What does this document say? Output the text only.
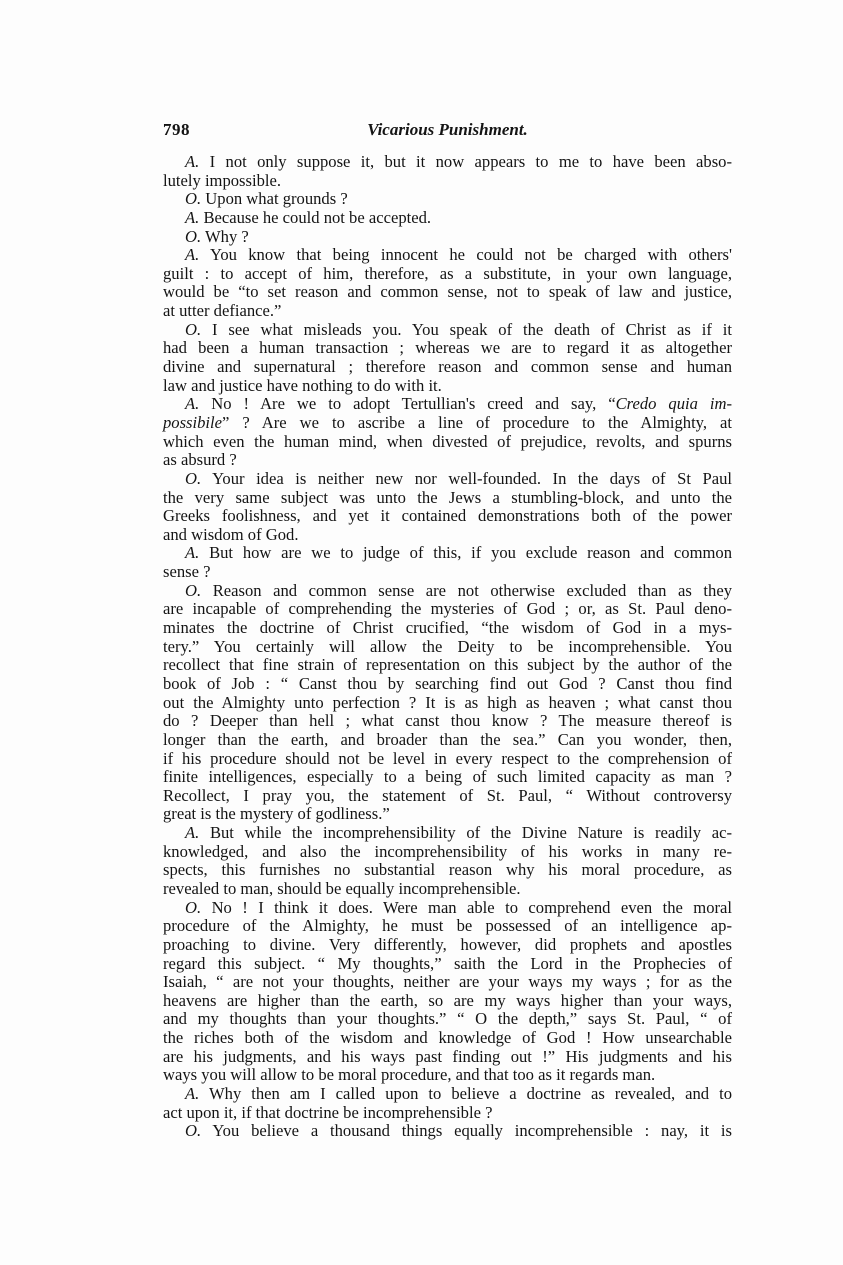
798	Vicarious Punishment.
A. I not only suppose it, but it now appears to me to have been abso-
lutely impossible.
O. Upon what grounds ?
A. Because he could not be accepted.
O. Why ?
A. You know that being innocent he could not be charged with others'
guilt : to accept of him, therefore, as a substitute, in your own language,
would be “to set reason and common sense, not to speak of law and justice,
at utter defiance.”
O. I see what misleads you. You speak of the death of Christ as if it
had been a human transaction ; whereas we are to regard it as altogether
divine and supernatural ; therefore reason and common sense and human
law and justice have nothing to do with it.
A. No ! Are we to adopt Tertullian's creed and say, “Credo quia im-
possibile” ? Are we to ascribe a line of procedure to the Almighty, at
which even the human mind, when divested of prejudice, revolts, and spurns
as absurd ?
O. Your idea is neither new nor well-founded. In the days of St Paul
the very same subject was unto the Jews a stumbling-block, and unto the
Greeks foolishness, and yet it contained demonstrations both of the power
and wisdom of God.
A. But how are we to judge of this, if you exclude reason and common
sense ?
O. Reason and common sense are not otherwise excluded than as they
are incapable of comprehending the mysteries of God ; or, as St. Paul deno-
minates the doctrine of Christ crucified, “the wisdom of God in a mys-
tery.” You certainly will allow the Deity to be incomprehensible. You
recollect that fine strain of representation on this subject by the author of the
book of Job : “ Canst thou by searching find out God ? Canst thou find
out the Almighty unto perfection ? It is as high as heaven ; what canst thou
do ? Deeper than hell ; what canst thou know ? The measure thereof is
longer than the earth, and broader than the sea.” Can you wonder, then,
if his procedure should not be level in every respect to the comprehension of
finite intelligences, especially to a being of such limited capacity as man ?
Recollect, I pray you, the statement of St. Paul, “ Without controversy
great is the mystery of godliness.”
A. But while the incomprehensibility of the Divine Nature is readily ac-
knowledged, and also the incomprehensibility of his works in many re-
spects, this furnishes no substantial reason why his moral procedure, as
revealed to man, should be equally incomprehensible.
O. No ! I think it does. Were man able to comprehend even the moral
procedure of the Almighty, he must be possessed of an intelligence ap-
proaching to divine. Very differently, however, did prophets and apostles
regard this subject. “ My thoughts,” saith the Lord in the Prophecies of
Isaiah, “ are not your thoughts, neither are your ways my ways ; for as the
heavens are higher than the earth, so are my ways higher than your ways,
and my thoughts than your thoughts.” “ O the depth,” says St. Paul, “ of
the riches both of the wisdom and knowledge of God ! How unsearchable
are his judgments, and his ways past finding out !” His judgments and his
ways you will allow to be moral procedure, and that too as it regards man.
A. Why then am I called upon to believe a doctrine as revealed, and to
act upon it, if that doctrine be incomprehensible ?
O. You believe a thousand things equally incomprehensible : nay, it is
